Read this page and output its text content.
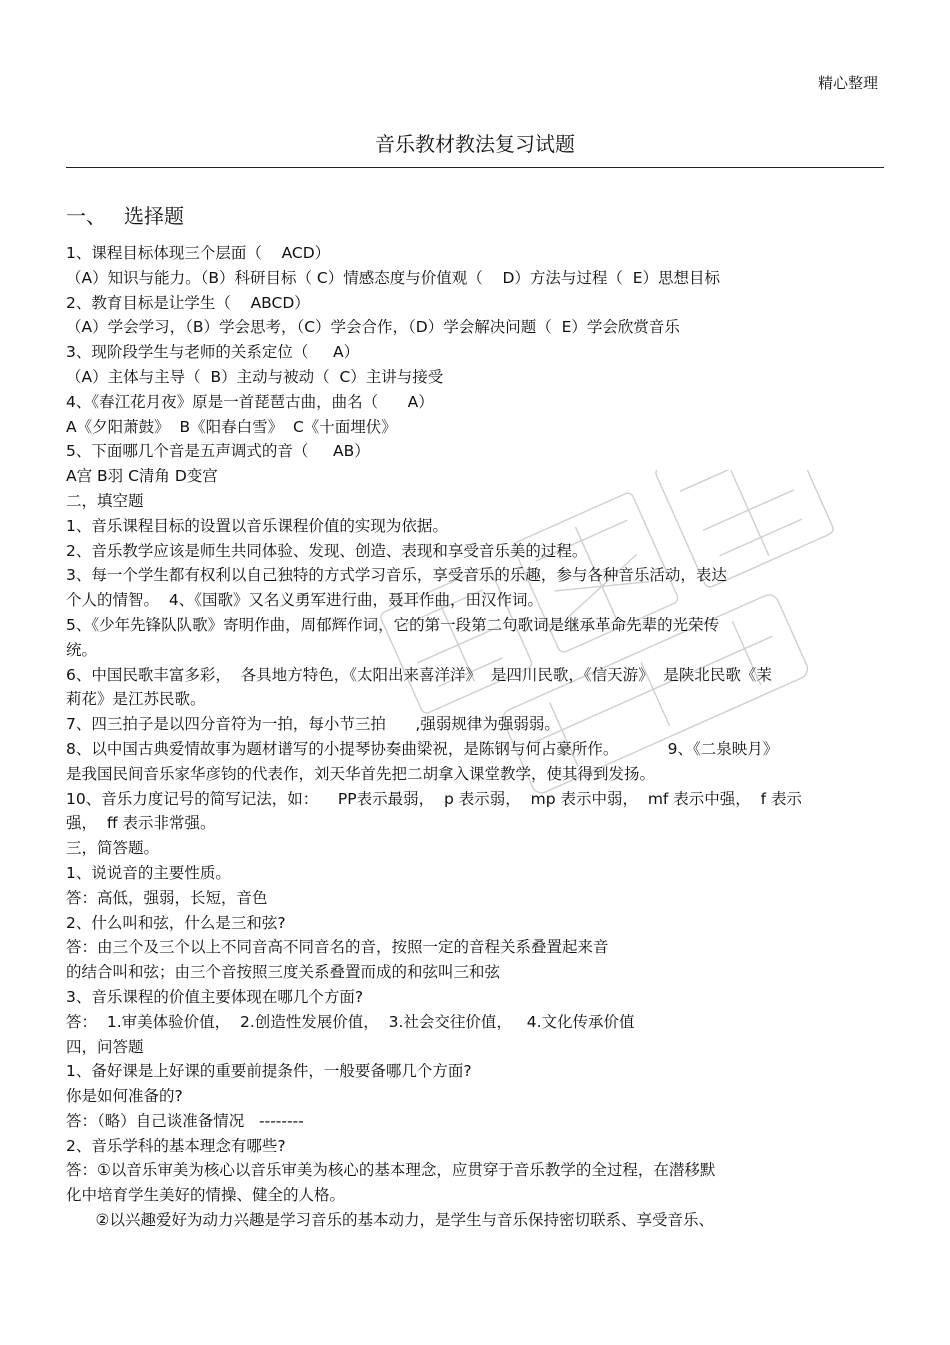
精心整理
音乐教材教法复习试题
一、 选择题
1、课程目标体现三个层面（    ACD）
（A）知识与能力。（B）科研目标（ C）情感态度与价值观（    D）方法与过程（  E）思想目标
2、教育目标是让学生（    ABCD）
（A）学会学习，（B）学会思考，（C）学会合作，（D）学会解决问题（  E）学会欣赏音乐
3、现阶段学生与老师的关系定位（     A）
（A）主体与主导（  B）主动与被动（  C）主讲与接受
4、《春江花月夜》原是一首琵琶古曲，曲名（      A）
A《夕阳萧鼓》  B《阳春白雪》  C《十面埋伏》
5、下面哪几个音是五声调式的音（     AB）
A宫 B羽 C清角 D变宫
二，填空题
1、音乐课程目标的设置以音乐课程价值的实现为依据。
2、音乐教学应该是师生共同体验、发现、创造、表现和享受音乐美的过程。
3、每一个学生都有权利以自己独特的方式学习音乐，享受音乐的乐趣，参与各种音乐活动，表达
个人的情智。  4、《国歌》又名义勇军进行曲，聂耳作曲，田汉作词。
5、《少年先锋队队歌》寄明作曲，周郁辉作词，它的第一段第二句歌词是继承革命先辈的光荣传
统。
6、中国民歌丰富多彩，  各具地方特色，《太阳出来喜洋洋》  是四川民歌，《信天游》  是陕北民歌《茉
莉花》是江苏民歌。
7、四三拍子是以四分音符为一拍，每小节三拍      ,强弱规律为强弱弱。
8、以中国古典爱情故事为题材谱写的小提琴协奏曲梁祝，是陈钢与何占豪所作。          9、《二泉映月》
是我国民间音乐家华彦钧的代表作，刘天华首先把二胡拿入课堂教学，使其得到发扬。
10、音乐力度记号的简写记法，如：    PP表示最弱，  p 表示弱，  mp 表示中弱，  mf 表示中强，  f 表示
强，  ff 表示非常强。
三，简答题。
1、说说音的主要性质。
答：高低，强弱，长短，音色
2、什么叫和弦，什么是三和弦?
答：由三个及三个以上不同音高不同音名的音，按照一定的音程关系叠置起来音
的结合叫和弦；由三个音按照三度关系叠置而成的和弦叫三和弦
3、音乐课程的价值主要体现在哪几个方面?
答：  1.审美体验价值，  2.创造性发展价值，  3.社会交往价值，   4.文化传承价值
四，问答题
1、备好课是上好课的重要前提条件，一般要备哪几个方面?
你是如何准备的?
答：（略）自己谈准备情况   --------
2、音乐学科的基本理念有哪些?
答：①以音乐审美为核心以音乐审美为核心的基本理念，应贯穿于音乐教学的全过程，在潜移默
化中培育学生美好的情操、健全的人格。
②以兴趣爱好为动力兴趣是学习音乐的基本动力，是学生与音乐保持密切联系、享受音乐、
